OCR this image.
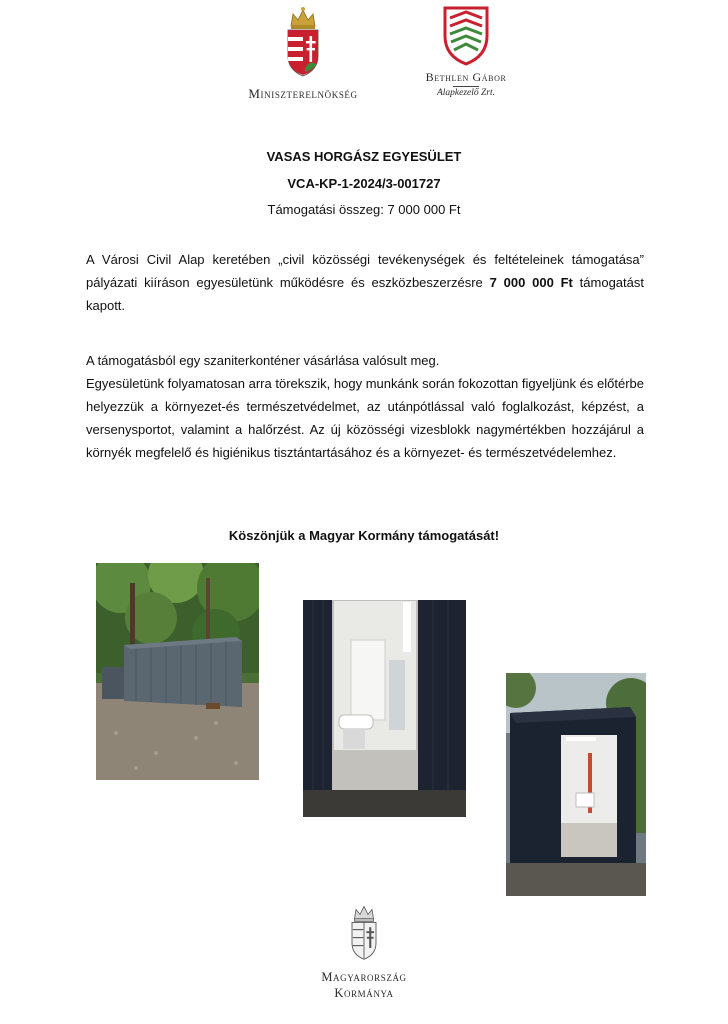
Miniszterelnökség
Bethlen Gábor
Alapkezelő Zrt.
VASAS HORGÁSZ EGYESÜLET
VCA-KP-1-2024/3-001727
Támogatási összeg: 7 000 000 Ft

A Városi Civil Alap keretében „civil közösségi tevékenységek és feltételeinek támogatása” pályázati kiíráson egyesületünk működésre és eszközbeszerzésre 7 000 000 Ft támogatást kapott.

A támogatásból egy szaniterkonténer vásárlása valósult meg.

Egyesületünk folyamatosan arra törekszik, hogy munkánk során fokozottan figyeljünk és előtérbe helyezzük a környezet-és természetvédelmet, az utánpótlással való foglalkozást, képzést, a versenysportot, valamint a halőrzést. Az új közösségi vizesblokk nagymértékben hozzájárul a környék megfelelő és higiénikus tisztántartásához és a környezet- és természetvédelemhez.

Köszönjük a Magyar Kormány támogatását!
Magyarország
Kormánya
